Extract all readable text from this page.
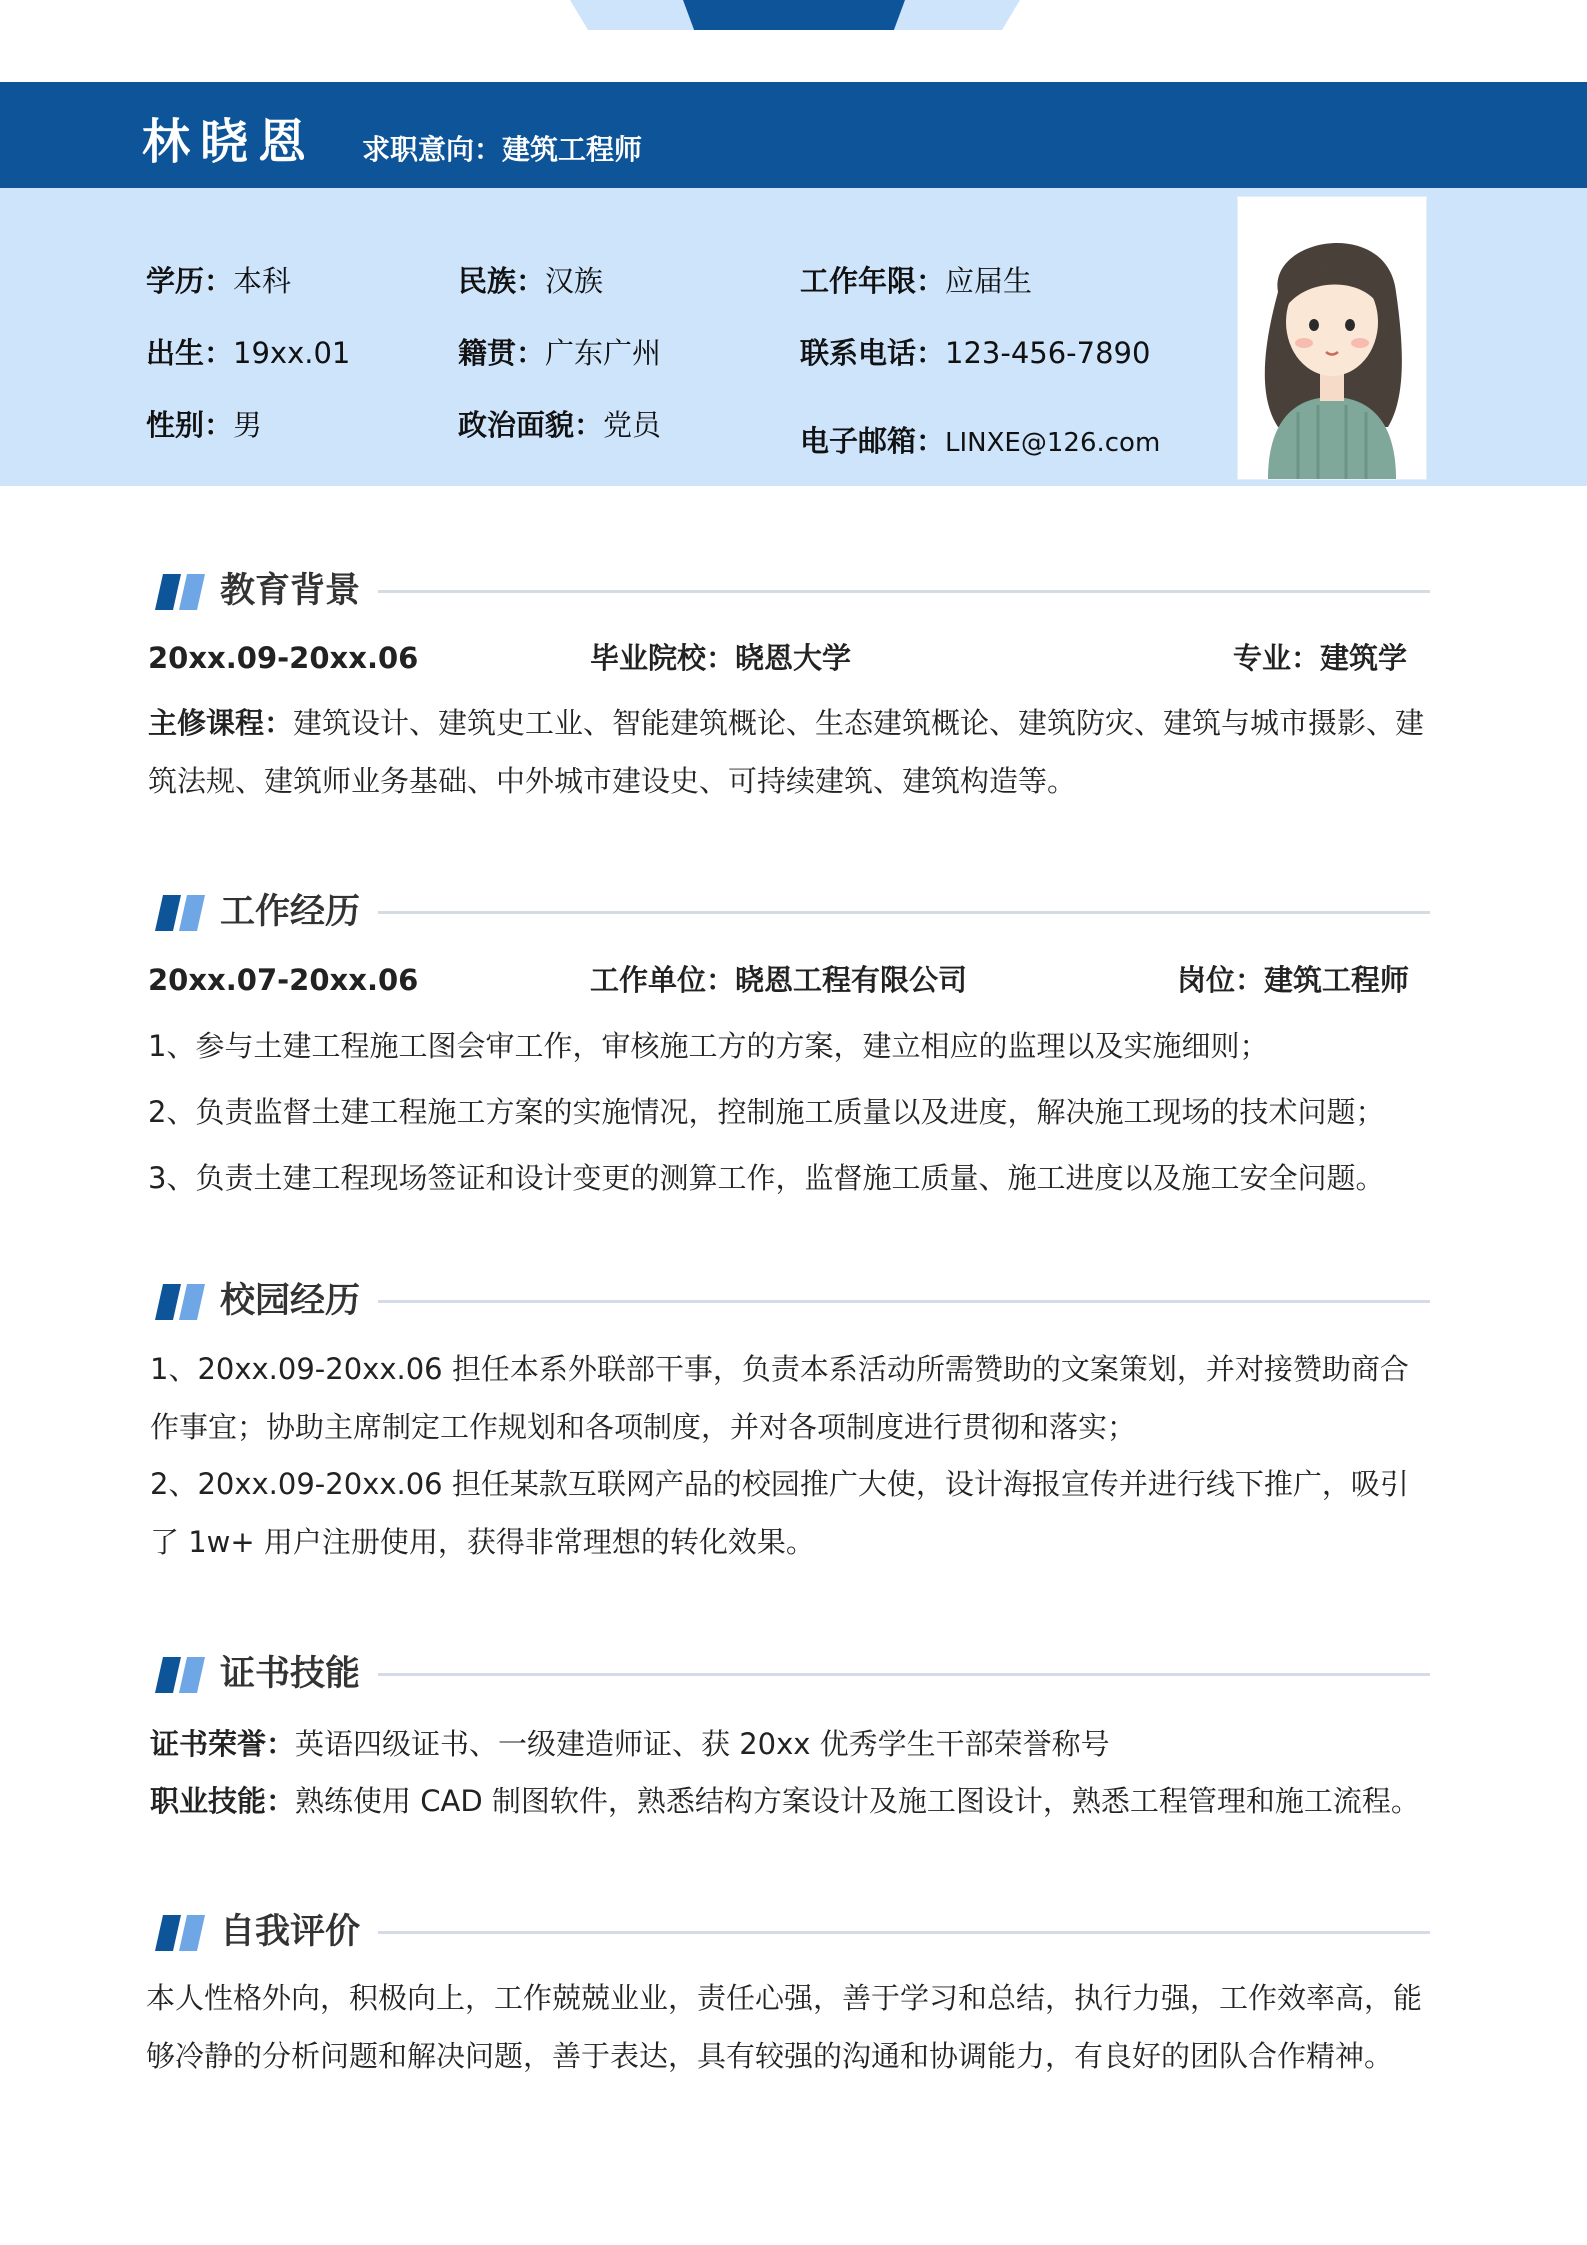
林晓恩 求职意向：建筑工程师
学历：本科	民族：汉族	工作年限：应届生
出生：19xx.01	籍贯：广东广州	联系电话：123-456-7890
性别：男	政治面貌：党员	电子邮箱：LINXE@126.com
教育背景
20xx.09-20xx.06	毕业院校：晓恩大学	专业：建筑学
主修课程：建筑设计、建筑史工业、智能建筑概论、生态建筑概论、建筑防灾、建筑与城市摄影、建筑法规、建筑师业务基础、中外城市建设史、可持续建筑、建筑构造等。
工作经历
20xx.07-20xx.06	工作单位：晓恩工程有限公司	岗位：建筑工程师
1、参与土建工程施工图会审工作，审核施工方的方案，建立相应的监理以及实施细则；
2、负责监督土建工程施工方案的实施情况，控制施工质量以及进度，解决施工现场的技术问题；
3、负责土建工程现场签证和设计变更的测算工作，监督施工质量、施工进度以及施工安全问题。
校园经历
1、20xx.09-20xx.06 担任本系外联部干事，负责本系活动所需赞助的文案策划，并对接赞助商合作事宜；协助主席制定工作规划和各项制度，并对各项制度进行贯彻和落实；
2、20xx.09-20xx.06 担任某款互联网产品的校园推广大使，设计海报宣传并进行线下推广，吸引了 1w+ 用户注册使用，获得非常理想的转化效果。
证书技能
证书荣誉：英语四级证书、一级建造师证、获 20xx 优秀学生干部荣誉称号
职业技能：熟练使用 CAD 制图软件，熟悉结构方案设计及施工图设计，熟悉工程管理和施工流程。
自我评价
本人性格外向，积极向上，工作兢兢业业，责任心强，善于学习和总结，执行力强，工作效率高，能够冷静的分析问题和解决问题，善于表达，具有较强的沟通和协调能力，有良好的团队合作精神。
